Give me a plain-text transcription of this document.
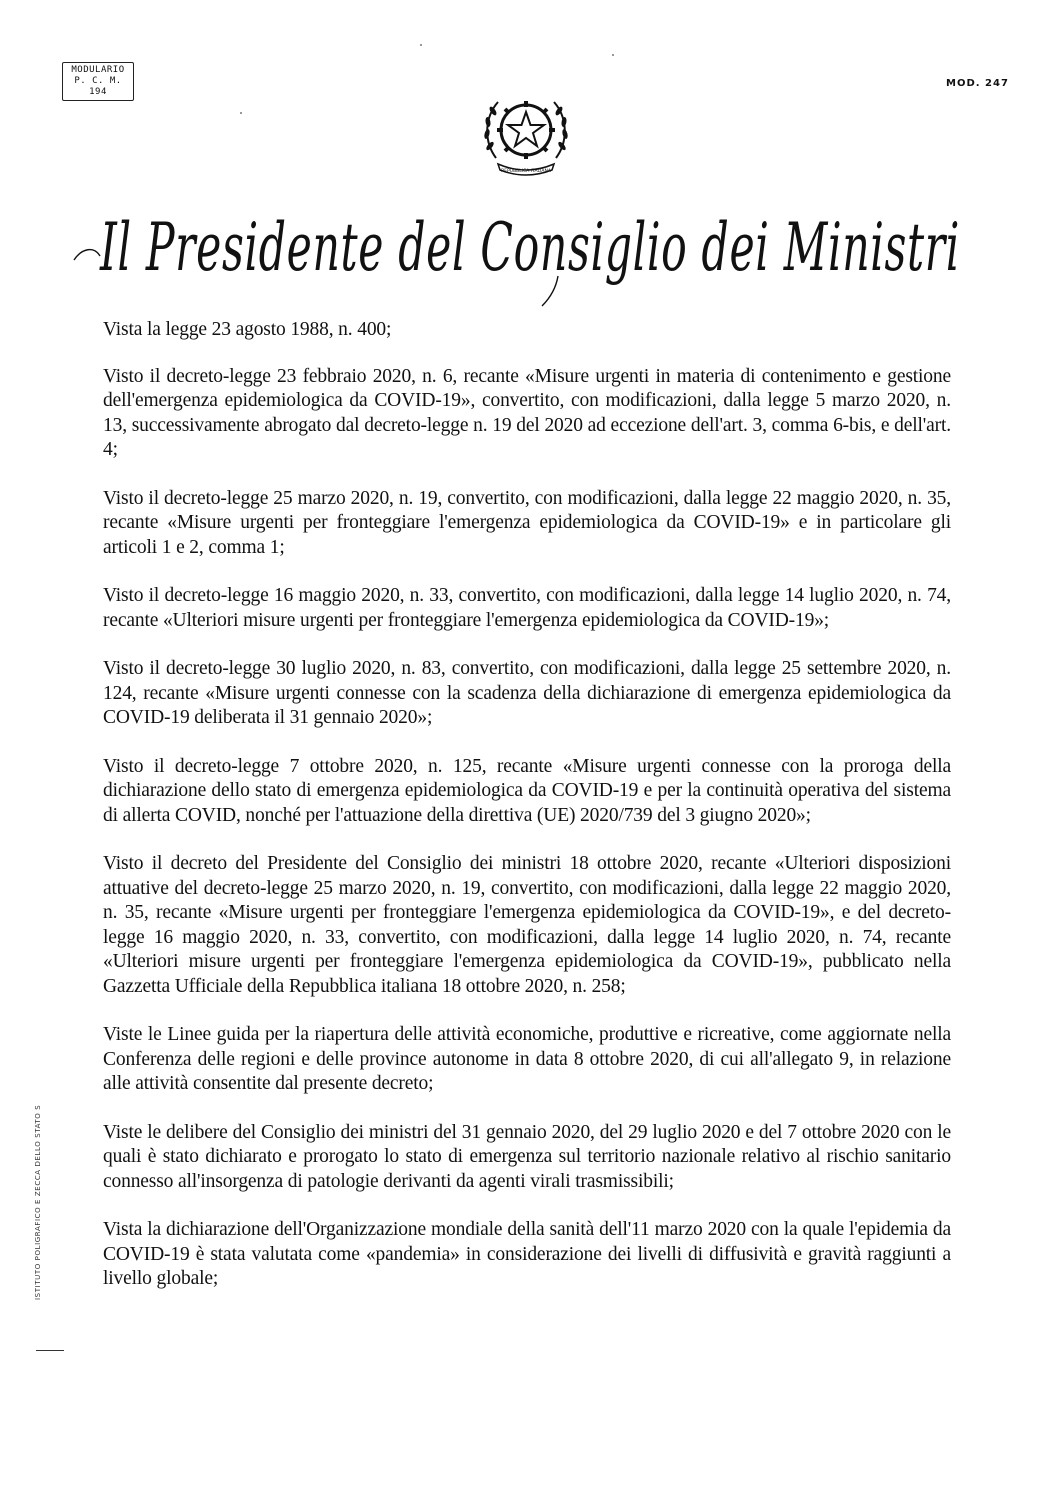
MODULARIO
P. C. M. 194
MOD. 247
REPUBBLICA ITALIANA
Il Presidente del Consiglio dei Ministri

Vista la legge 23 agosto 1988, n. 400;

Visto il decreto-legge 23 febbraio 2020, n. 6, recante «Misure urgenti in materia di contenimento e gestione dell'emergenza epidemiologica da COVID-19», convertito, con modificazioni, dalla legge 5 marzo 2020, n. 13, successivamente abrogato dal decreto-legge n. 19 del 2020 ad eccezione dell'art. 3, comma 6-bis, e dell'art. 4;

Visto il decreto-legge 25 marzo 2020, n. 19, convertito, con modificazioni, dalla legge 22 maggio 2020, n. 35, recante «Misure urgenti per fronteggiare l'emergenza epidemiologica da COVID-19» e in particolare gli articoli 1 e 2, comma 1;

Visto il decreto-legge 16 maggio 2020, n. 33, convertito, con modificazioni, dalla legge 14 luglio 2020, n. 74, recante «Ulteriori misure urgenti per fronteggiare l'emergenza epidemiologica da COVID-19»;

Visto il decreto-legge 30 luglio 2020, n. 83, convertito, con modificazioni, dalla legge 25 settembre 2020, n. 124, recante «Misure urgenti connesse con la scadenza della dichiarazione di emergenza epidemiologica da COVID-19 deliberata il 31 gennaio 2020»;

Visto il decreto-legge 7 ottobre 2020, n. 125, recante «Misure urgenti connesse con la proroga della dichiarazione dello stato di emergenza epidemiologica da COVID-19 e per la continuità operativa del sistema di allerta COVID, nonché per l'attuazione della direttiva (UE) 2020/739 del 3 giugno 2020»;

Visto il decreto del Presidente del Consiglio dei ministri 18 ottobre 2020, recante «Ulteriori disposizioni attuative del decreto-legge 25 marzo 2020, n. 19, convertito, con modificazioni, dalla legge 22 maggio 2020, n. 35, recante «Misure urgenti per fronteggiare l'emergenza epidemiologica da COVID-19», e del decreto-legge 16 maggio 2020, n. 33, convertito, con modificazioni, dalla legge 14 luglio 2020, n. 74, recante «Ulteriori misure urgenti per fronteggiare l'emergenza epidemiologica da COVID-19», pubblicato nella Gazzetta Ufficiale della Repubblica italiana 18 ottobre 2020, n. 258;

Viste le Linee guida per la riapertura delle attività economiche, produttive e ricreative, come aggiornate nella Conferenza delle regioni e delle province autonome in data 8 ottobre 2020, di cui all'allegato 9, in relazione alle attività consentite dal presente decreto;

Viste le delibere del Consiglio dei ministri del 31 gennaio 2020, del 29 luglio 2020 e del 7 ottobre 2020 con le quali è stato dichiarato e prorogato lo stato di emergenza sul territorio nazionale relativo al rischio sanitario connesso all'insorgenza di patologie derivanti da agenti virali trasmissibili;

Vista la dichiarazione dell'Organizzazione mondiale della sanità dell'11 marzo 2020 con la quale l'epidemia da COVID-19 è stata valutata come «pandemia» in considerazione dei livelli di diffusività e gravità raggiunti a livello globale;

ISTITUTO POLIGRAFICO E ZECCA DELLO STATO S
